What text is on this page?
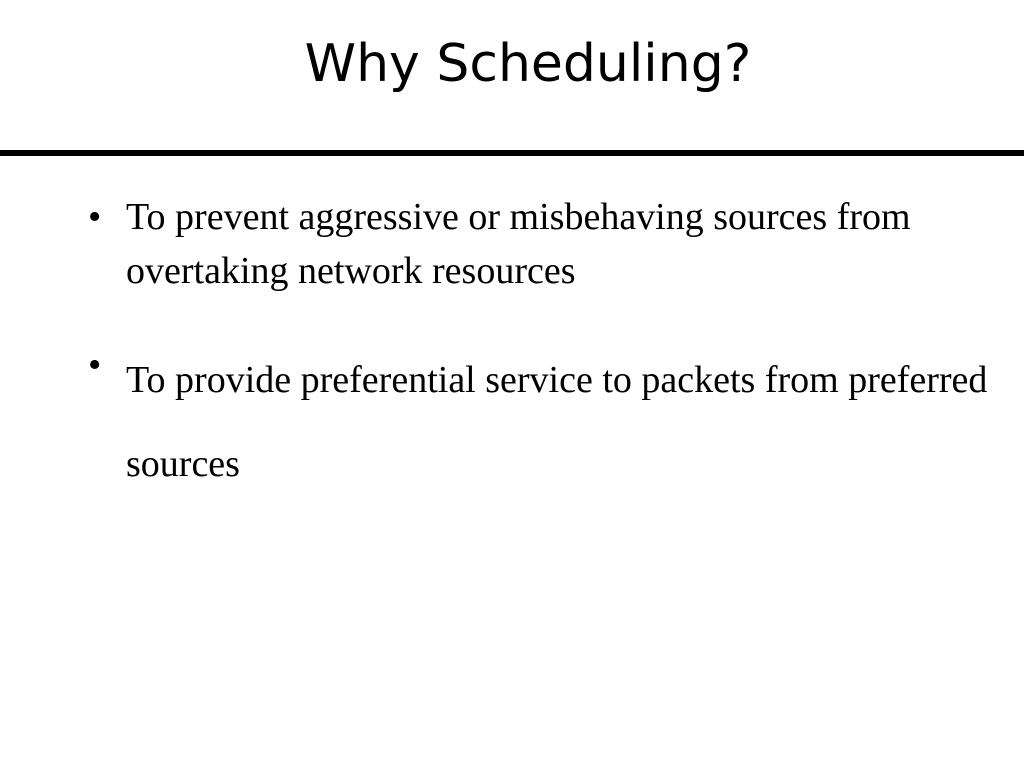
Why Scheduling?
• To prevent aggressive or misbehaving sources from overtaking network resources
• To provide preferential service to packets from preferred sources
